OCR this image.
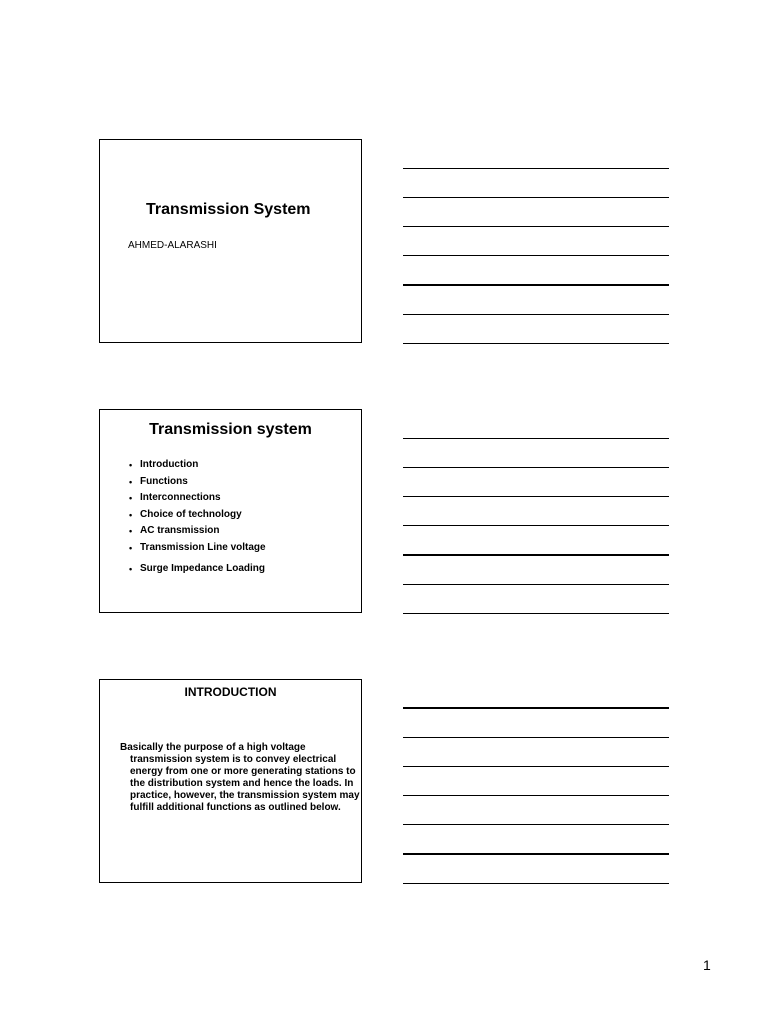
Transmission System
AHMED-ALARASHI
Transmission system
• Introduction
• Functions
• Interconnections
• Choice of technology
• AC transmission
• Transmission Line voltage
• Surge Impedance Loading
INTRODUCTION
Basically the purpose of a high voltage transmission system is to convey electrical energy from one or more generating stations to the distribution system and hence the loads. In practice, however, the transmission system may fulfill additional functions as outlined below.
1
